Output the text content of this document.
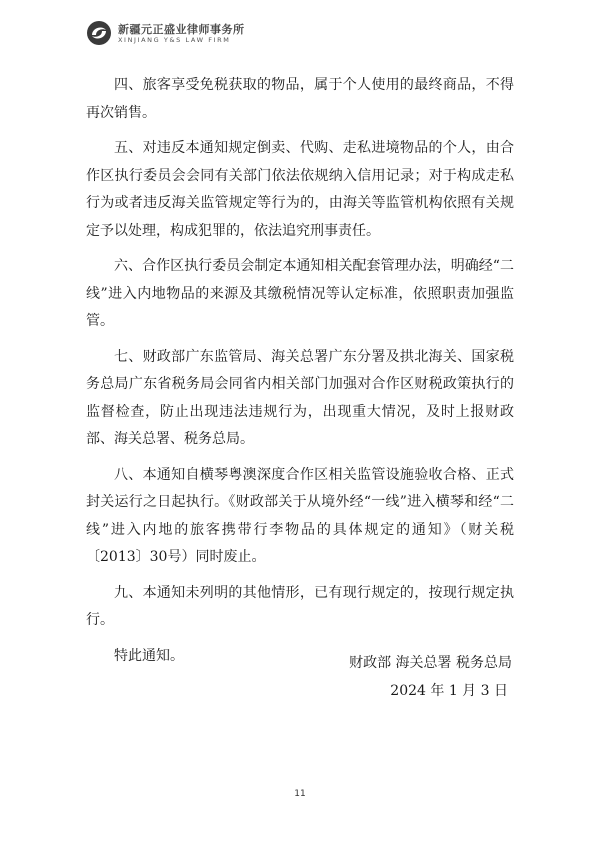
新疆元正盛业律师事务所
XINJIANG Y&S LAW FIRM

四、旅客享受免税获取的物品，属于个人使用的最终商品，不得再次销售。

五、对违反本通知规定倒卖、代购、走私进境物品的个人，由合作区执行委员会会同有关部门依法依规纳入信用记录；对于构成走私行为或者违反海关监管规定等行为的，由海关等监管机构依照有关规定予以处理，构成犯罪的，依法追究刑事责任。

六、合作区执行委员会制定本通知相关配套管理办法，明确经“二线”进入内地物品的来源及其缴税情况等认定标准，依照职责加强监管。

七、财政部广东监管局、海关总署广东分署及拱北海关、国家税务总局广东省税务局会同省内相关部门加强对合作区财税政策执行的监督检查，防止出现违法违规行为，出现重大情况，及时上报财政部、海关总署、税务总局。

八、本通知自横琴粤澳深度合作区相关监管设施验收合格、正式封关运行之日起执行。《财政部关于从境外经“一线”进入横琴和经“二线”进入内地的旅客携带行李物品的具体规定的通知》（财关税〔2013〕30号）同时废止。

九、本通知未列明的其他情形，已有现行规定的，按现行规定执行。

特此通知。	财政部 海关总署 税务总局
2024 年 1 月 3 日
11
